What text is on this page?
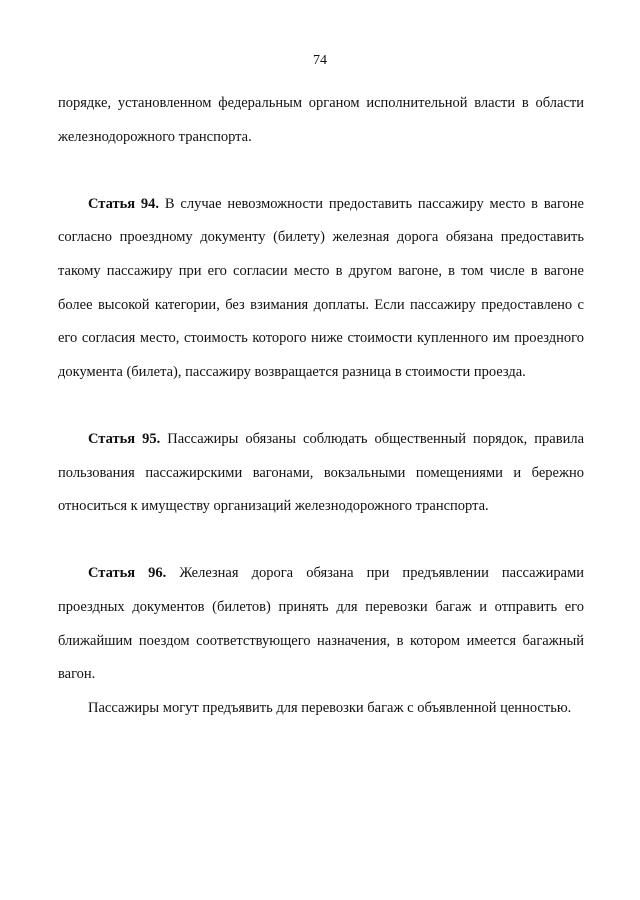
74

порядке, установленном федеральным органом исполнительной власти в области железнодорожного транспорта.

Статья 94. В случае невозможности предоставить пассажиру место в вагоне согласно проездному документу (билету) железная дорога обязана предоставить такому пассажиру при его согласии место в другом вагоне, в том числе в вагоне более высокой категории, без взимания доплаты. Если пассажиру предоставлено с его согласия место, стоимость которого ниже стоимости купленного им проездного документа (билета), пассажиру возвращается разница в стоимости проезда.

Статья 95. Пассажиры обязаны соблюдать общественный порядок, правила пользования пассажирскими вагонами, вокзальными помещениями и бережно относиться к имуществу организаций железнодорожного транспорта.

Статья 96. Железная дорога обязана при предъявлении пассажирами проездных документов (билетов) принять для перевозки багаж и отправить его ближайшим поездом соответствующего назначения, в котором имеется багажный вагон.

Пассажиры могут предъявить для перевозки багаж с объявленной ценностью.
